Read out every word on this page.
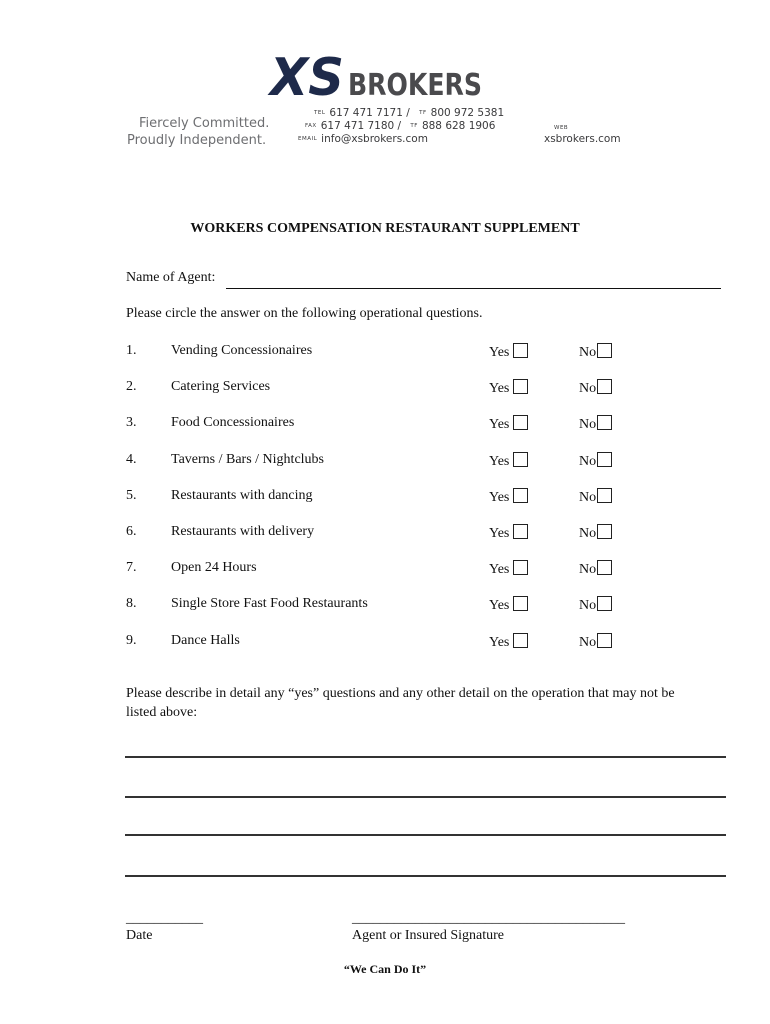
XS BROKERS
Fiercely Committed.
Proudly Independent.
TEL 617 471 7171 / TF 800 972 5381
FAX 617 471 7180 / TF 888 628 1906
EMAIL info@xsbrokers.com
WEB
xsbrokers.com
WORKERS COMPENSATION RESTAURANT SUPPLEMENT
Name of Agent:
Please circle the answer on the following operational questions.
1. Vending Concessionaires	Yes	No
2. Catering Services	Yes	No
3. Food Concessionaires	Yes	No
4. Taverns / Bars / Nightclubs	Yes	No
5. Restaurants with dancing	Yes	No
6. Restaurants with delivery	Yes	No
7. Open 24 Hours	Yes	No
8. Single Store Fast Food Restaurants	Yes	No
9. Dance Halls	Yes	No
Please describe in detail any “yes” questions and any other detail on the operation that may not be
listed above:
___________
Date
_______________________________________
Agent or Insured Signature
“We Can Do It”
